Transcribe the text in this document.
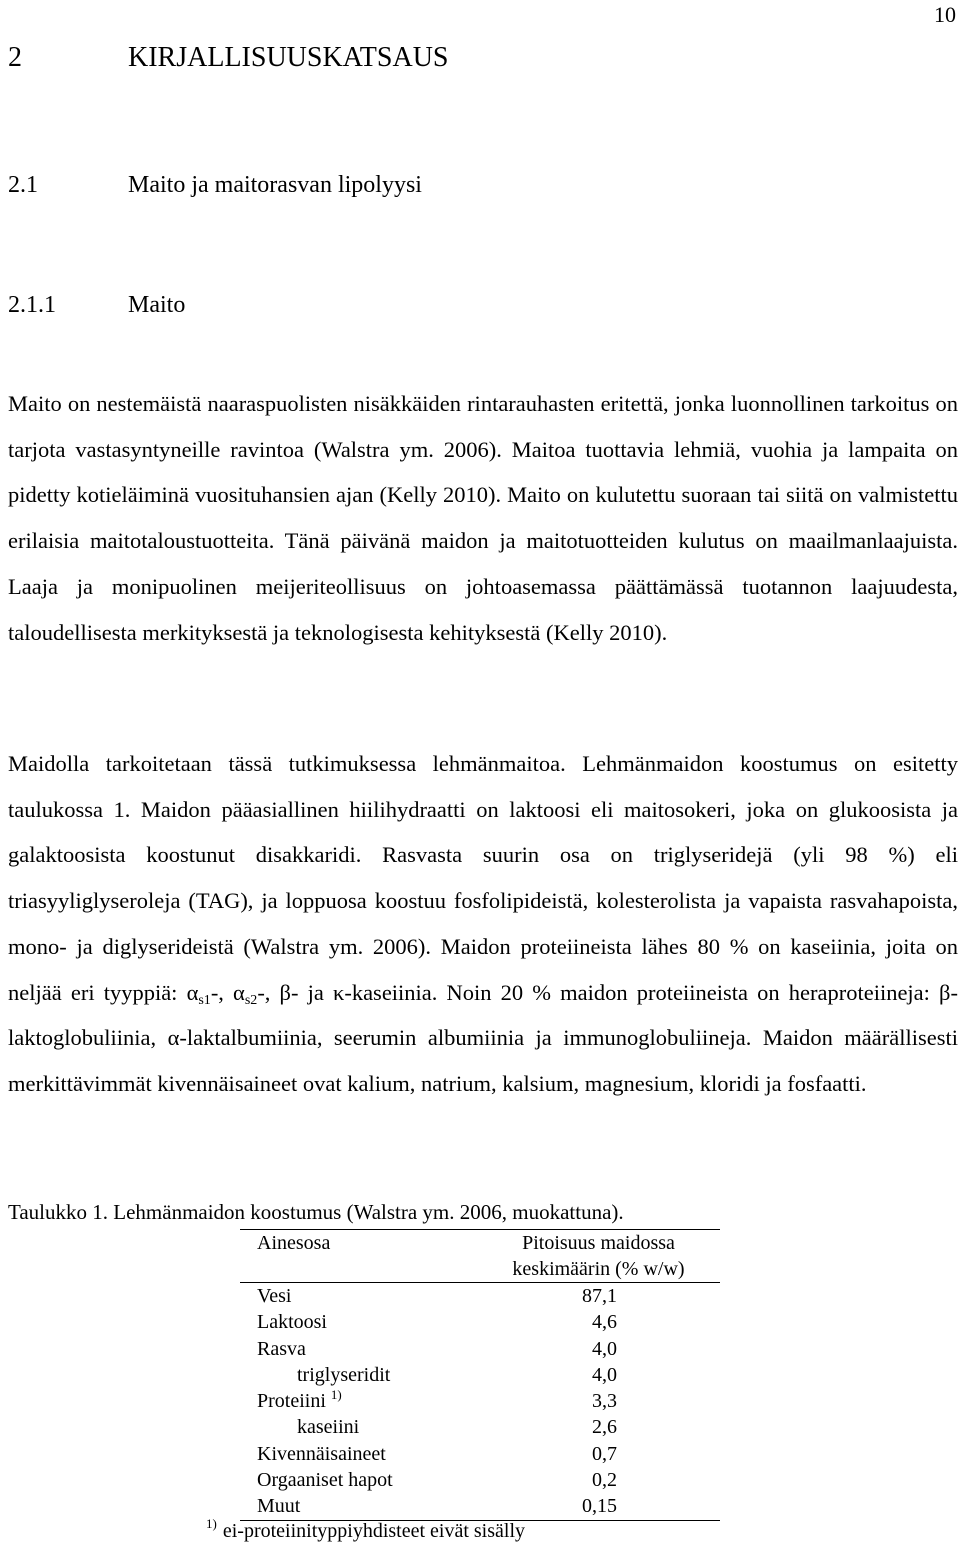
10
2	KIRJALLISUUSKATSAUS
2.1	Maito ja maitorasvan lipolyysi
2.1.1	Maito

Maito on nestemäistä naaraspuolisten nisäkkäiden rintarauhasten eritettä, jonka luonnollinen tarkoitus on tarjota vastasyntyneille ravintoa (Walstra ym. 2006). Maitoa tuottavia lehmiä, vuohia ja lampaita on pidetty kotieläiminä vuosituhansien ajan (Kelly 2010). Maito on kulutettu suoraan tai siitä on valmistettu erilaisia maitotaloustuotteita. Tänä päivänä maidon ja maitotuotteiden kulutus on maailmanlaajuista. Laaja ja monipuolinen meijeriteollisuus on johtoasemassa päättämässä tuotannon laajuudesta, taloudellisesta merkityksestä ja teknologisesta kehityksestä (Kelly 2010).

Maidolla tarkoitetaan tässä tutkimuksessa lehmänmaitoa. Lehmänmaidon koostumus on esitetty taulukossa 1. Maidon pääasiallinen hiilihydraatti on laktoosi eli maitosokeri, joka on glukoosista ja galaktoosista koostunut disakkaridi. Rasvasta suurin osa on triglyseridejä (yli 98 %) eli triasyyliglyseroleja (TAG), ja loppuosa koostuu fosfolipideistä, kolesterolista ja vapaista rasvahapoista, mono- ja diglyserideistä (Walstra ym. 2006). Maidon proteiineista lähes 80 % on kaseiinia, joita on neljää eri tyyppiä: $\alpha_{s1}-$, $\alpha_{s2}-$, β- ja κ-kaseiinia. Noin 20 % maidon proteiineista on heraproteiineja: β-laktoglobuliinia, α-laktalbumiinia, seerumin albumiinia ja immunoglobuliineja. Maidon määrällisesti merkittävimmät kivennäisaineet ovat kalium, natrium, kalsium, magnesium, kloridi ja fosfaatti.

Taulukko 1. Lehmänmaidon koostumus (Walstra ym. 2006, muokattuna).
Ainesosa	Pitoisuus maidossa
keskimäärin (% w/w)

Vesi	87,1
Laktoosi	4,6
Rasva	4,0
triglyseridit	4,0
Proteiini $^{1)}$	3,3
kaseiini	2,6
Kivennäisaineet	0,7
Orgaaniset hapot	0,2
Muut	0,15
$^{1)}$ ei-proteiinityppiyhdisteet eivät sisälly
